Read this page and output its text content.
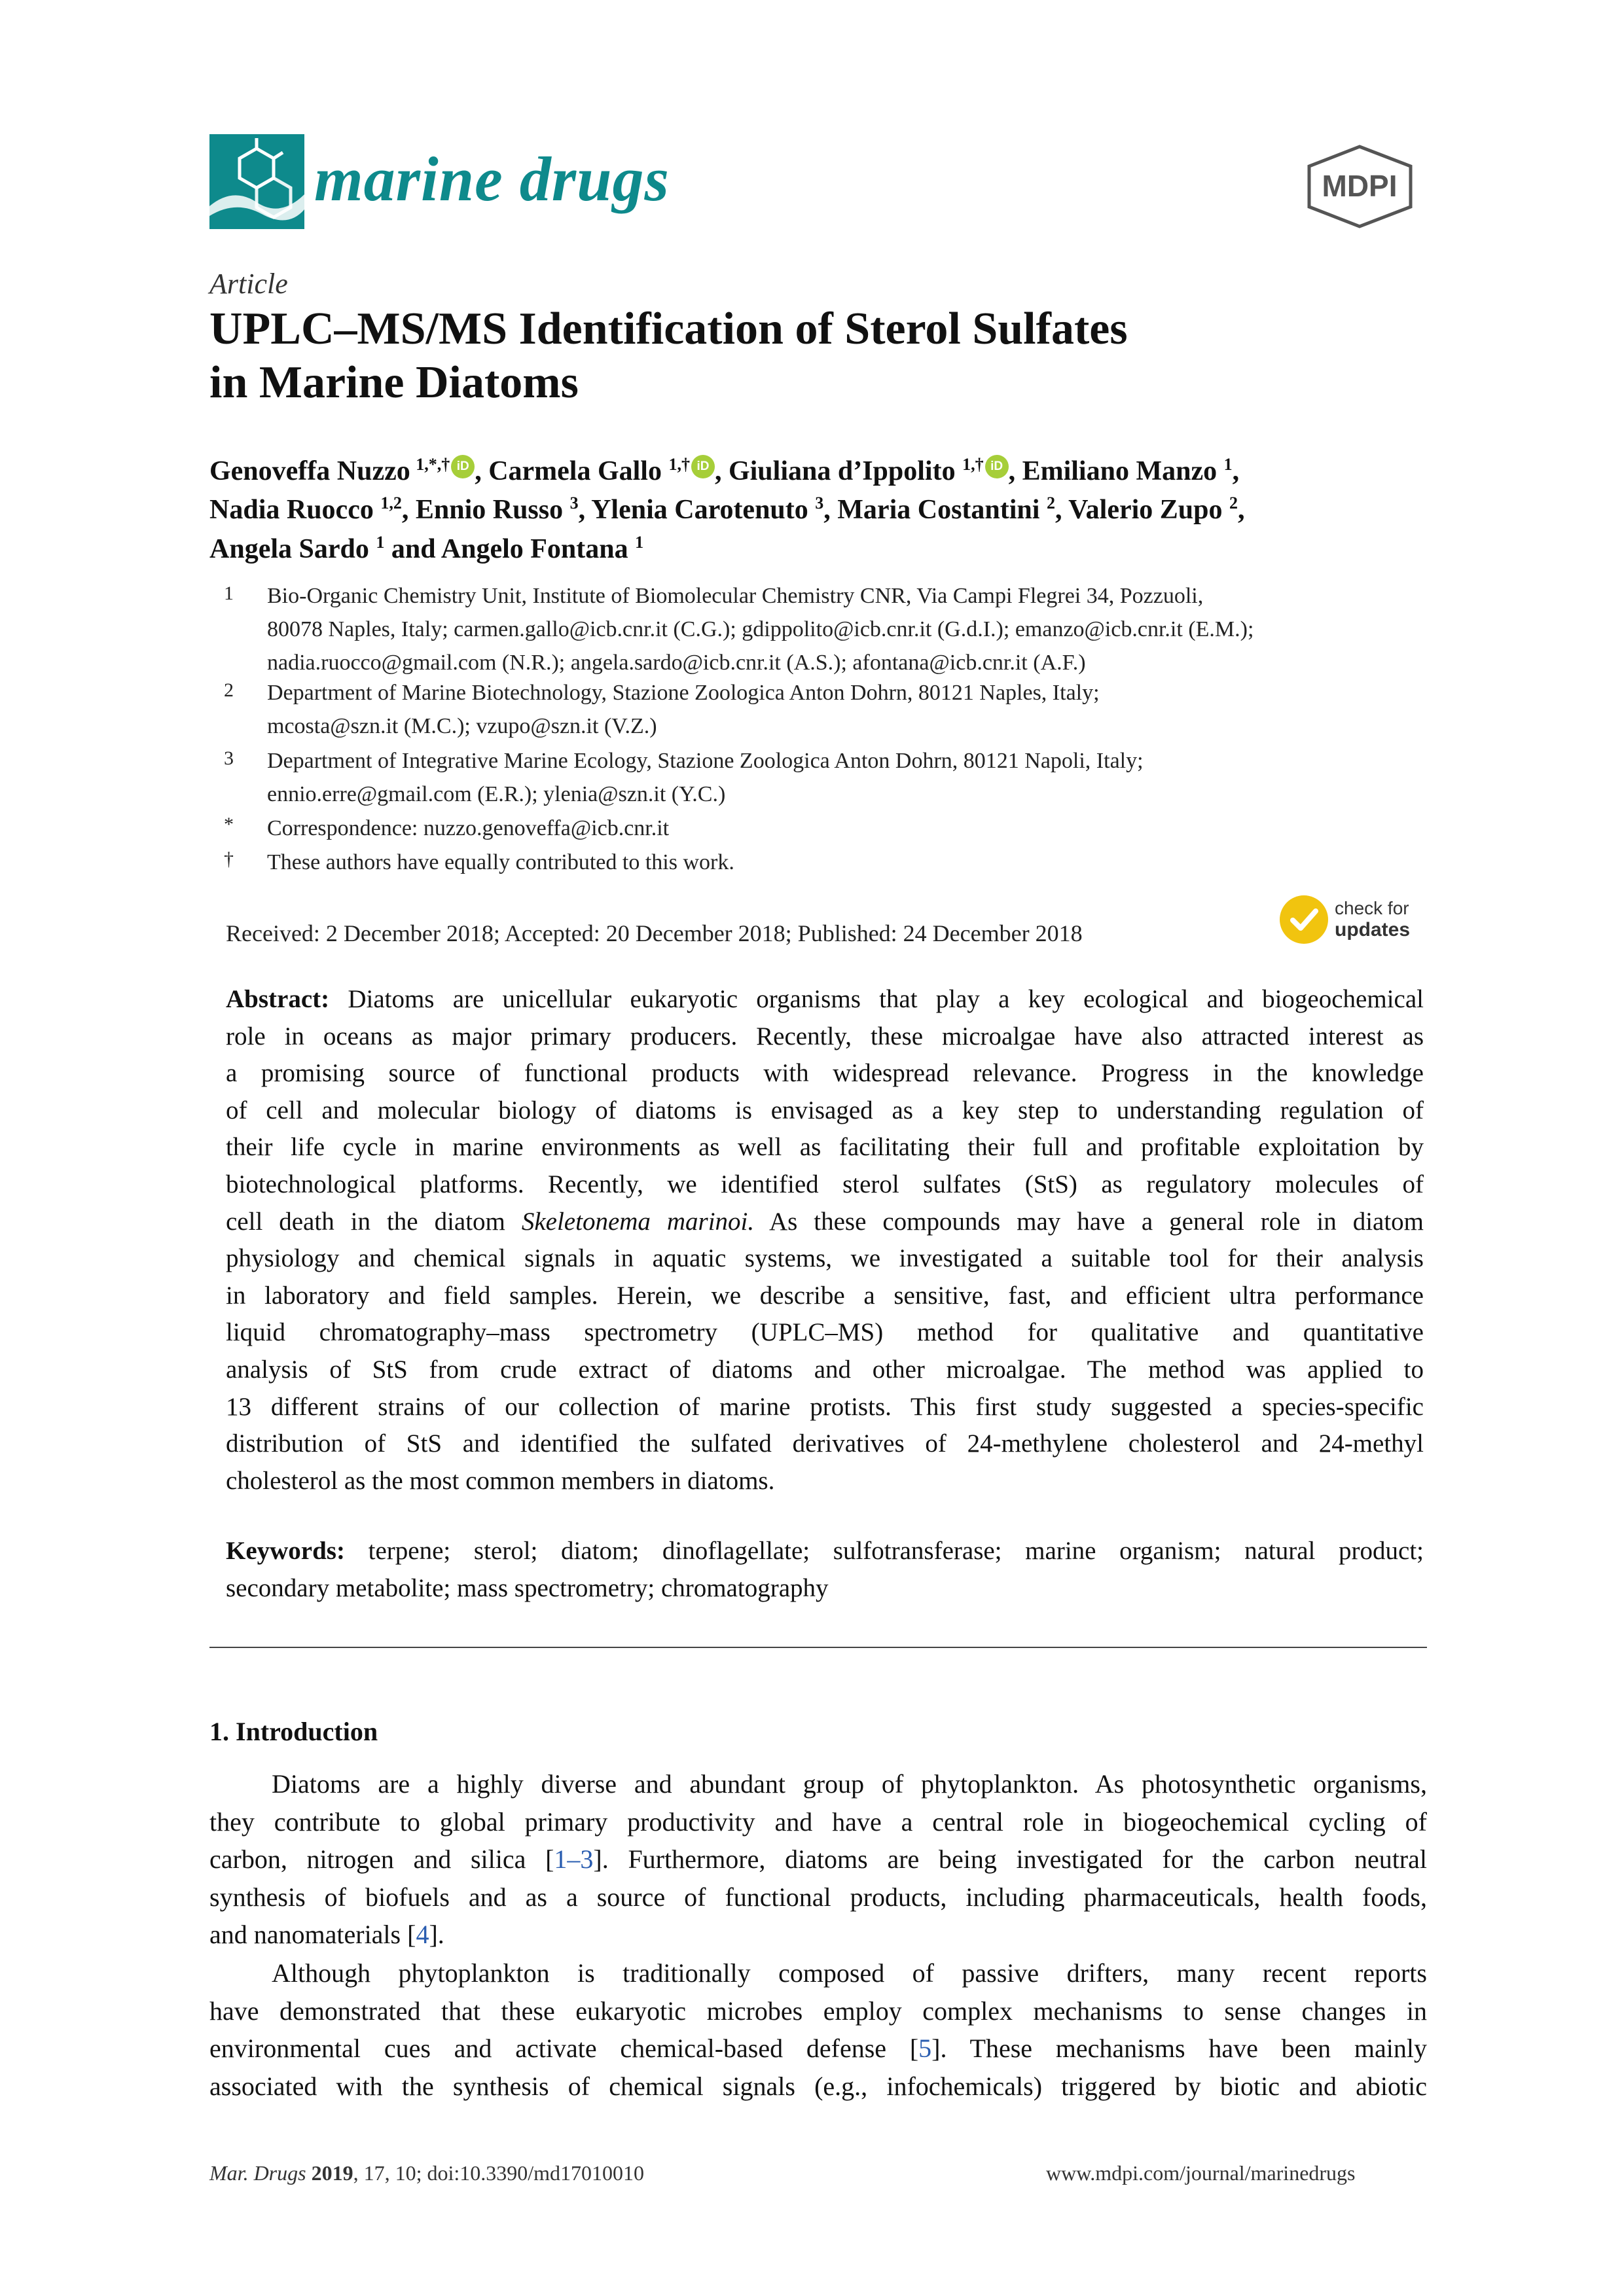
marine drugs	MDPI
Article
UPLC–MS/MS Identification of Sterol Sulfates
in Marine Diatoms
Genoveffa Nuzzo  $^{1,*,\dagger}$ iD , Carmela Gallo $^{1,\dagger}$ iD , Giuliana d’Ippolito $^{1,\dagger}$ iD , Emiliano Manzo $^1$,
Nadia Ruocco $^{1,2}$, Ennio Russo $^3$, Ylenia Carotenuto $^3$, Maria Costantini $^2$, Valerio Zupo $^2$,
Angela Sardo $^1$ and Angelo Fontana $^1$
1 Bio-Organic Chemistry Unit, Institute of Biomolecular Chemistry CNR, Via Campi Flegrei 34, Pozzuoli,
80078 Naples, Italy; carmen.gallo@icb.cnr.it (C.G.); gdippolito@icb.cnr.it (G.d.I.); emanzo@icb.cnr.it (E.M.);
nadia.ruocco@gmail.com (N.R.); angela.sardo@icb.cnr.it (A.S.); afontana@icb.cnr.it (A.F.)
2 Department of Marine Biotechnology, Stazione Zoologica Anton Dohrn, 80121 Naples, Italy;
mcosta@szn.it (M.C.); vzupo@szn.it (V.Z.)
3 Department of Integrative Marine Ecology, Stazione Zoologica Anton Dohrn, 80121 Napoli, Italy;
ennio.erre@gmail.com (E.R.); ylenia@szn.it (Y.C.)
* Correspondence: nuzzo.genoveffa@icb.cnr.it
† These authors have equally contributed to this work.
Received: 2 December 2018; Accepted: 20 December 2018; Published: 24 December 2018
check for
updates
Abstract: Diatoms are unicellular eukaryotic organisms that play a key ecological and biogeochemical
role in oceans as major primary producers. Recently, these microalgae have also attracted interest as
a promising source of functional products with widespread relevance. Progress in the knowledge
of cell and molecular biology of diatoms is envisaged as a key step to understanding regulation of
their life cycle in marine environments as well as facilitating their full and profitable exploitation by
biotechnological platforms. Recently, we identified sterol sulfates (StS) as regulatory molecules of
cell death in the diatom Skeletonema marinoi. As these compounds may have a general role in diatom
physiology and chemical signals in aquatic systems, we investigated a suitable tool for their analysis
in laboratory and field samples. Herein, we describe a sensitive, fast, and efficient ultra performance
liquid chromatography–mass spectrometry (UPLC–MS) method for qualitative and quantitative
analysis of StS from crude extract of diatoms and other microalgae. The method was applied to
13 different strains of our collection of marine protists. This first study suggested a species-specific
distribution of StS and identified the sulfated derivatives of 24-methylene cholesterol and 24-methyl
cholesterol as the most common members in diatoms.
Keywords: terpene; sterol; diatom; dinoflagellate; sulfotransferase; marine organism; natural product;
secondary metabolite; mass spectrometry; chromatography
1. Introduction
Diatoms are a highly diverse and abundant group of phytoplankton. As photosynthetic organisms,
they contribute to global primary productivity and have a central role in biogeochemical cycling of
carbon, nitrogen and silica [1–3]. Furthermore, diatoms are being investigated for the carbon neutral
synthesis of biofuels and as a source of functional products, including pharmaceuticals, health foods,
and nanomaterials [4].
Although phytoplankton is traditionally composed of passive drifters, many recent reports
have demonstrated that these eukaryotic microbes employ complex mechanisms to sense changes in
environmental cues and activate chemical-based defense [5]. These mechanisms have been mainly
associated with the synthesis of chemical signals (e.g., infochemicals) triggered by biotic and abiotic
Mar. Drugs 2019, 17, 10; doi:10.3390/md17010010	www.mdpi.com/journal/marinedrugs
